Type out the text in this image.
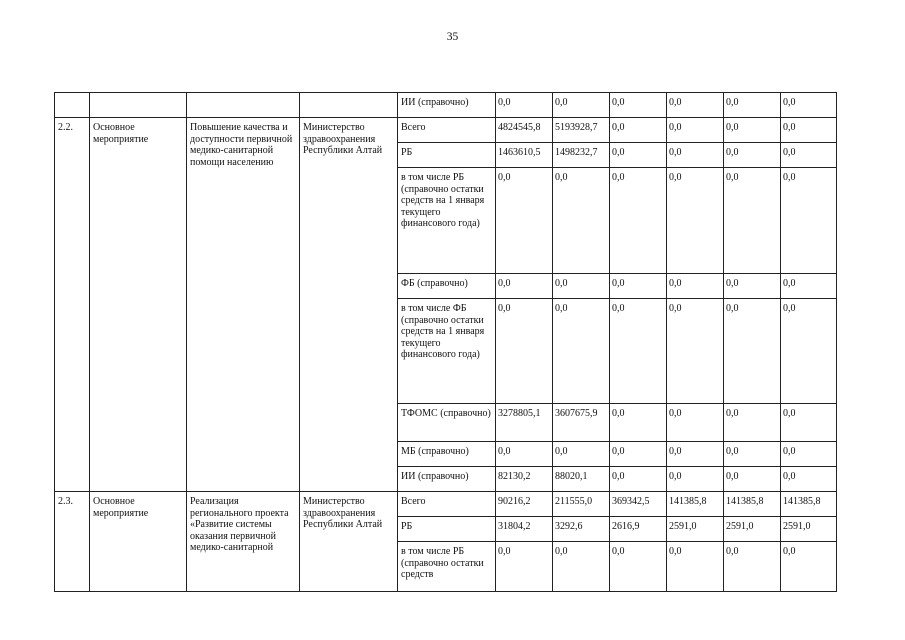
35
				ИИ (справочно)	0,0	0,0	0,0	0,0	0,0	0,0
2.2.	Основное мероприятие	Повышение качества и доступности первичной медико-санитарной помощи населению	Министерство здравоохранения Республики Алтай	Всего	4824545,8	5193928,7	0,0	0,0	0,0	0,0
				РБ	1463610,5	1498232,7	0,0	0,0	0,0	0,0
				в том числе РБ (справочно остатки средств на 1 января текущего финансового года)	0,0	0,0	0,0	0,0	0,0	0,0
				ФБ (справочно)	0,0	0,0	0,0	0,0	0,0	0,0
				в том числе ФБ (справочно остатки средств на 1 января текущего финансового года)	0,0	0,0	0,0	0,0	0,0	0,0
				ТФОМС (справочно)	3278805,1	3607675,9	0,0	0,0	0,0	0,0
				МБ (справочно)	0,0	0,0	0,0	0,0	0,0	0,0
				ИИ (справочно)	82130,2	88020,1	0,0	0,0	0,0	0,0
2.3.	Основное мероприятие	Реализация регионального проекта «Развитие системы оказания первичной медико-санитарной	Министерство здравоохранения Республики Алтай	Всего	90216,2	211555,0	369342,5	141385,8	141385,8	141385,8
				РБ	31804,2	3292,6	2616,9	2591,0	2591,0	2591,0
				в том числе РБ (справочно остатки средств	0,0	0,0	0,0	0,0	0,0	0,0
